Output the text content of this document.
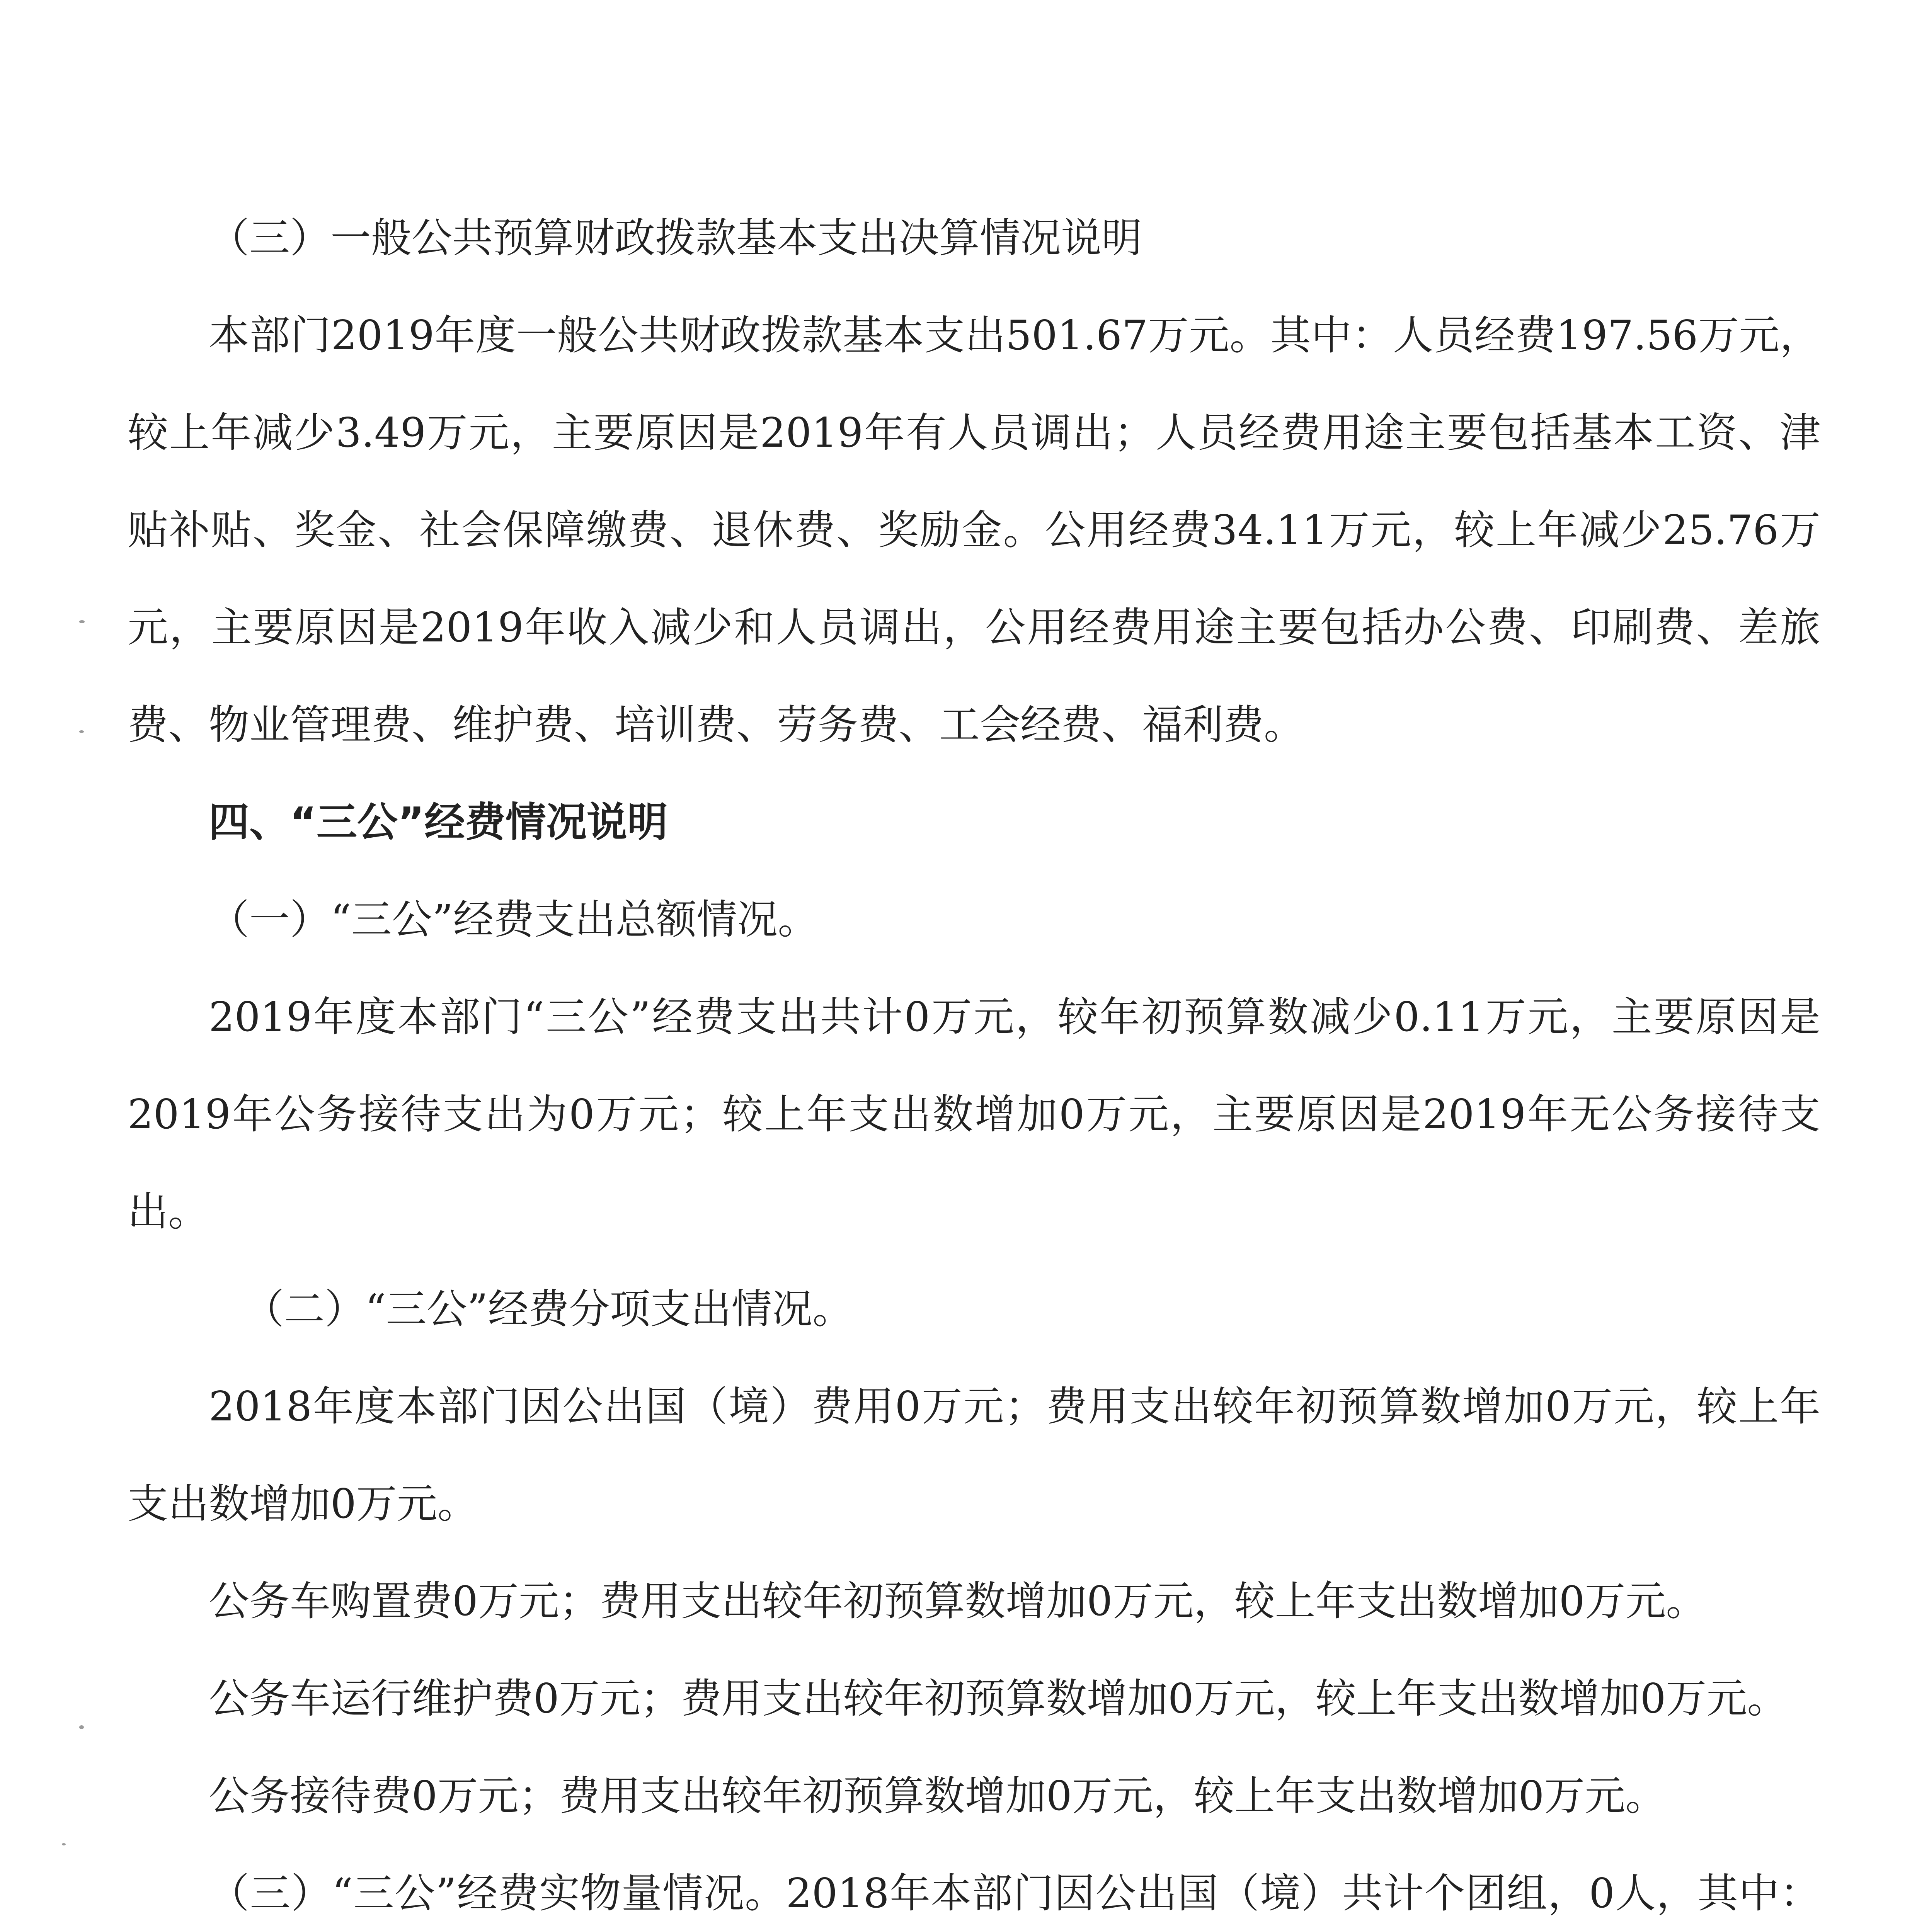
（三）一般公共预算财政拨款基本支出决算情况说明

本部门2019年度一般公共财政拨款基本支出501.67万元。其中：人员经费197.56万元，较上年减少3.49万元，主要原因是2019年有人员调出；人员经费用途主要包括基本工资、津贴补贴、奖金、社会保障缴费、退休费、奖励金。公用经费34.11万元，较上年减少25.76万元，主要原因是2019年收入减少和人员调出，公用经费用途主要包括办公费、印刷费、差旅费、物业管理费、维护费、培训费、劳务费、工会经费、福利费。

四、“三公”经费情况说明

（一）“三公”经费支出总额情况。

2019年度本部门“三公”经费支出共计0万元，较年初预算数减少0.11万元，主要原因是2019年公务接待支出为0万元；较上年支出数增加0万元，主要原因是2019年无公务接待支出。

（二）“三公”经费分项支出情况。

2018年度本部门因公出国（境）费用0万元；费用支出较年初预算数增加0万元，较上年支出数增加0万元。

公务车购置费0万元；费用支出较年初预算数增加0万元，较上年支出数增加0万元。

公务车运行维护费0万元；费用支出较年初预算数增加0万元，较上年支出数增加0万元。

公务接待费0万元；费用支出较年初预算数增加0万元，较上年支出数增加0万元。

（三）“三公”经费实物量情况。2018年本部门因公出国（境）共计个团组，0人，其中：
